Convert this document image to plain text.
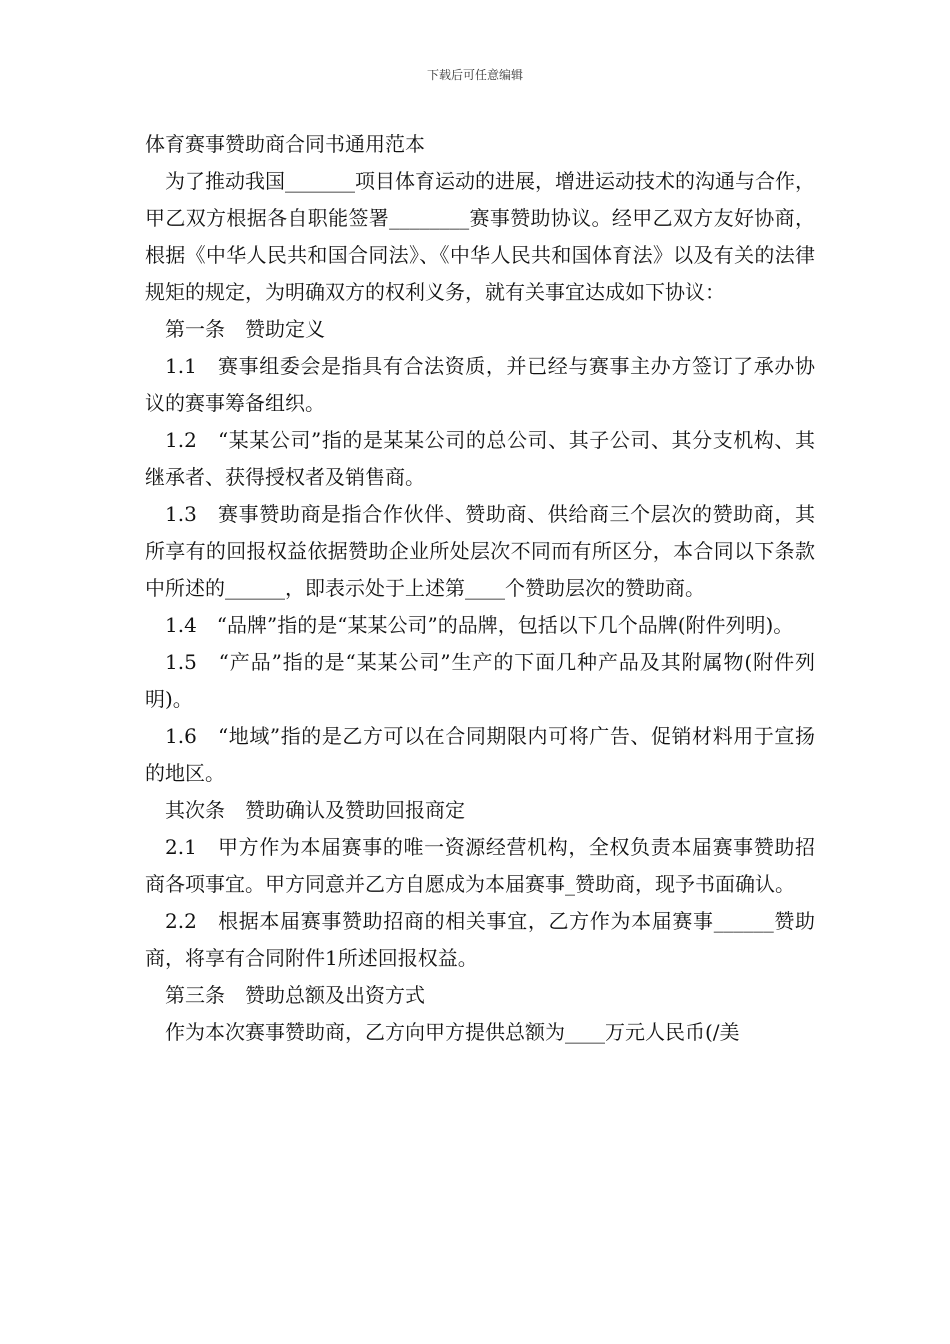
下载后可任意编辑
体育赛事赞助商合同书通用范本

为了推动我国_______项目体育运动的进展，增进运动技术的沟通与合作，甲乙双方根据各自职能签署________赛事赞助协议。经甲乙双方友好协商，根据《中华人民共和国合同法》、《中华人民共和国体育法》以及有关的法律规矩的规定，为明确双方的权利义务，就有关事宜达成如下协议：

第一条　赞助定义

1.1　赛事组委会是指具有合法资质，并已经与赛事主办方签订了承办协议的赛事筹备组织。

1.2　“某某公司”指的是某某公司的总公司、其子公司、其分支机构、其继承者、获得授权者及销售商。

1.3　赛事赞助商是指合作伙伴、赞助商、供给商三个层次的赞助商，其所享有的回报权益依据赞助企业所处层次不同而有所区分，本合同以下条款中所述的______，即表示处于上述第____个赞助层次的赞助商。

1.4　“品牌”指的是“某某公司”的品牌，包括以下几个品牌(附件列明)。

1.5　“产品”指的是“某某公司”生产的下面几种产品及其附属物(附件列明)。

1.6　“地域”指的是乙方可以在合同期限内可将广告、促销材料用于宣扬的地区。

其次条　赞助确认及赞助回报商定

2.1　甲方作为本届赛事的唯一资源经营机构，全权负责本届赛事赞助招商各项事宜。甲方同意并乙方自愿成为本届赛事_赞助商，现予书面确认。

2.2　根据本届赛事赞助招商的相关事宜，乙方作为本届赛事______赞助商，将享有合同附件1所述回报权益。

第三条　赞助总额及出资方式

作为本次赛事赞助商，乙方向甲方提供总额为____万元人民币(/美
